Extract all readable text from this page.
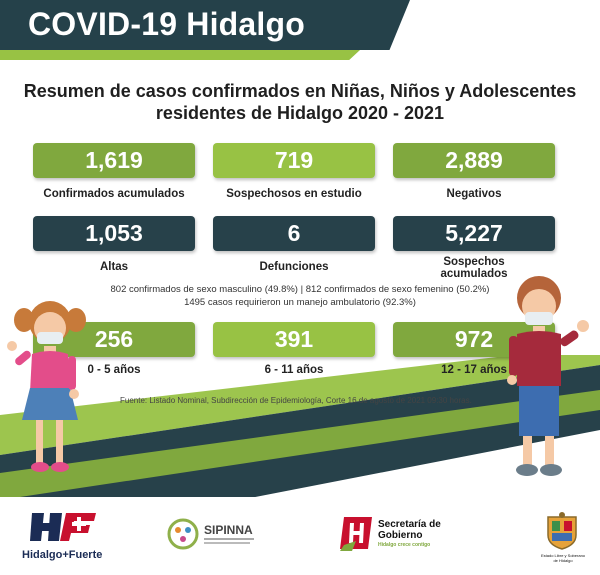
COVID-19 Hidalgo
Resumen de casos confirmados en Niñas, Niños y Adolescentes
residentes de Hidalgo 2020 - 2021
1,619
Confirmados acumulados
719
Sospechosos en estudio
2,889
Negativos
1,053
Altas
6
Defunciones
5,227
Sospechos
acumulados
802 confirmados de sexo masculino (49.8%) | 812 confirmados de sexo femenino (50.2%)
1495 casos requirieron un manejo ambulatorio (92.3%)
256
0 - 5 años
391
6 - 11 años
972
12 - 17 años
Fuente: Listado Nominal, Subdirección de Epidemiología, Corte 16 de agosto de 2021 09:30 horas.
Hidalgo+Fuerte
SIPINNA	Secretaría de
Gobierno
Hidalgo crece contigo
Estado Libre y Soberano de Hidalgo
